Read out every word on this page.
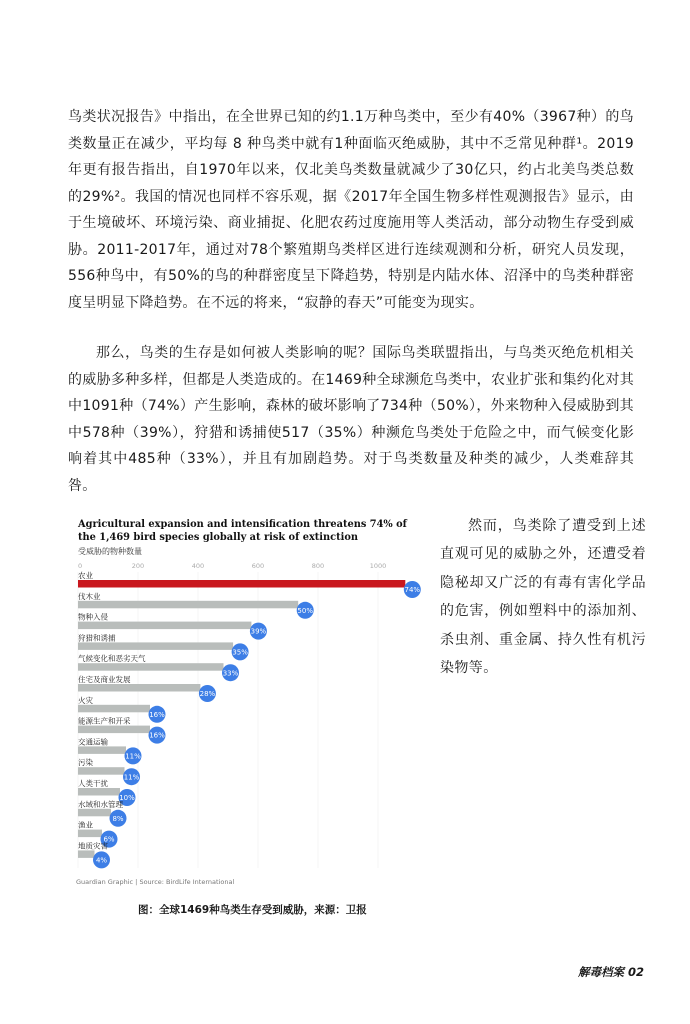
鸟类状况报告》中指出，在全世界已知的约1.1万种鸟类中，至少有40%（3967种）的鸟类数量正在减少，平均每 8 种鸟类中就有1种面临灭绝威胁，其中不乏常见种群¹。2019年更有报告指出，自1970年以来，仅北美鸟类数量就减少了30亿只，约占北美鸟类总数的29%²。我国的情况也同样不容乐观，据《2017年全国生物多样性观测报告》显示，由于生境破坏、环境污染、商业捕捉、化肥农药过度施用等人类活动，部分动物生存受到威胁。2011-2017年，通过对78个繁殖期鸟类样区进行连续观测和分析，研究人员发现，556种鸟中，有50%的鸟的种群密度呈下降趋势，特别是内陆水体、沼泽中的鸟类种群密度呈明显下降趋势。在不远的将来，“寂静的春天”可能变为现实。

那么，鸟类的生存是如何被人类影响的呢？国际鸟类联盟指出，与鸟类灭绝危机相关的威胁多种多样，但都是人类造成的。在1469种全球濒危鸟类中，农业扩张和集约化对其中1091种（74%）产生影响，森林的破坏影响了734种（50%），外来物种入侵威胁到其中578种（39%），狩猎和诱捕使517（35%）种濒危鸟类处于危险之中，而气候变化影响着其中485种（33%），并且有加剧趋势。对于鸟类数量及种类的减少，人类难辞其咎。

Agricultural expansion and intensification threatens 74% of the 1,469 bird species globally at risk of extinction

受威胁的物种数量

0	200	400	600	800	1000
农业
74%
伐木业
50%
物种入侵
39%
狩猎和诱捕
35%
气候变化和恶劣天气
33%
住宅及商业发展
28%
火灾
16%
能源生产和开采
16%
交通运输
11%
污染
11%
人类干扰
10%
水域和水管理
8%
渔业
6%
地质灾害
4%

Guardian Graphic | Source: BirdLife International

然而，鸟类除了遭受到上述直观可见的威胁之外，还遭受着隐秘却又广泛的有毒有害化学品的危害，例如塑料中的添加剂、杀虫剂、重金属、持久性有机污染物等。

图：全球1469种鸟类生存受到威胁，来源：卫报

解毒档案 02
